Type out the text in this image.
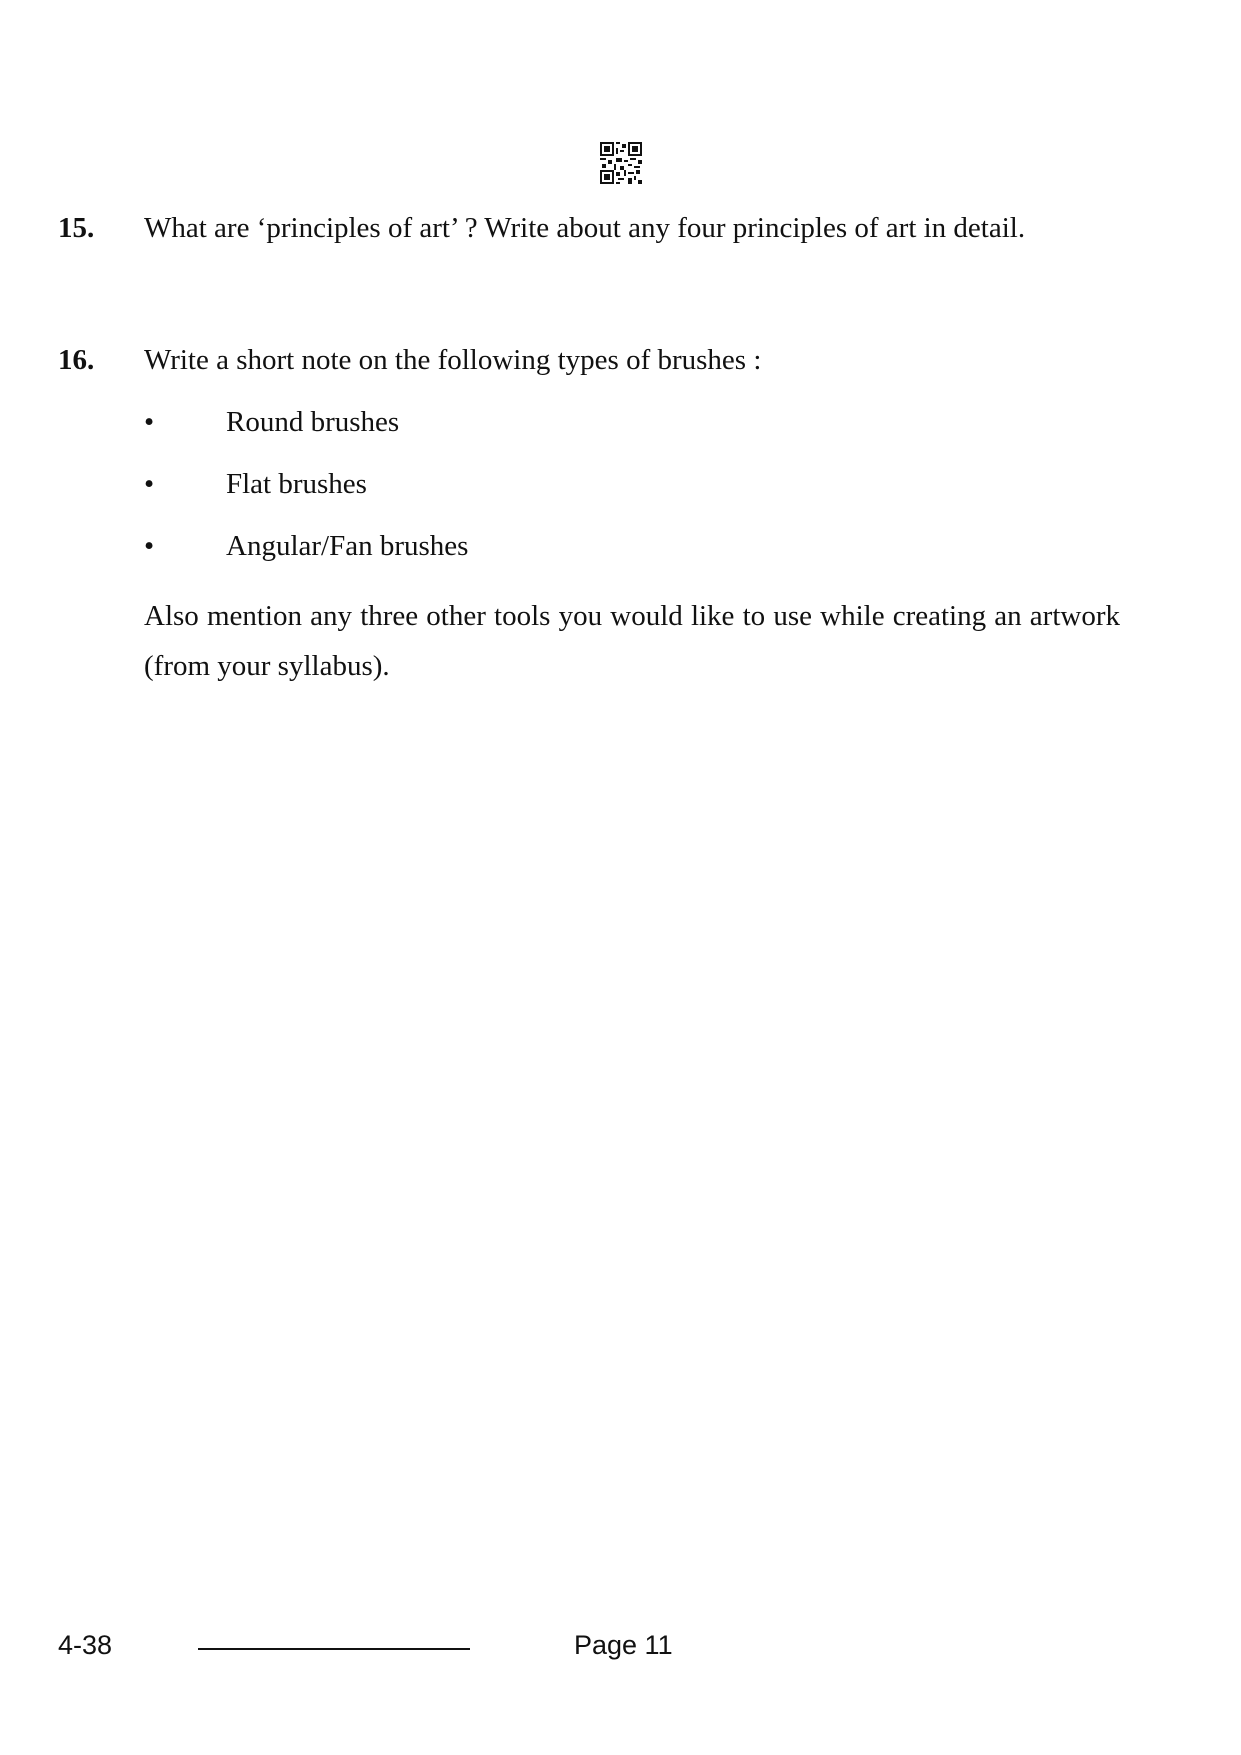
15. What are ‘principles of art’ ? Write about any four principles of art in detail.
16. Write a short note on the following types of brushes :
• Round brushes
• Flat brushes
• Angular/Fan brushes
Also mention any three other tools you would like to use while creating an artwork (from your syllabus).
4-38	Page 11
